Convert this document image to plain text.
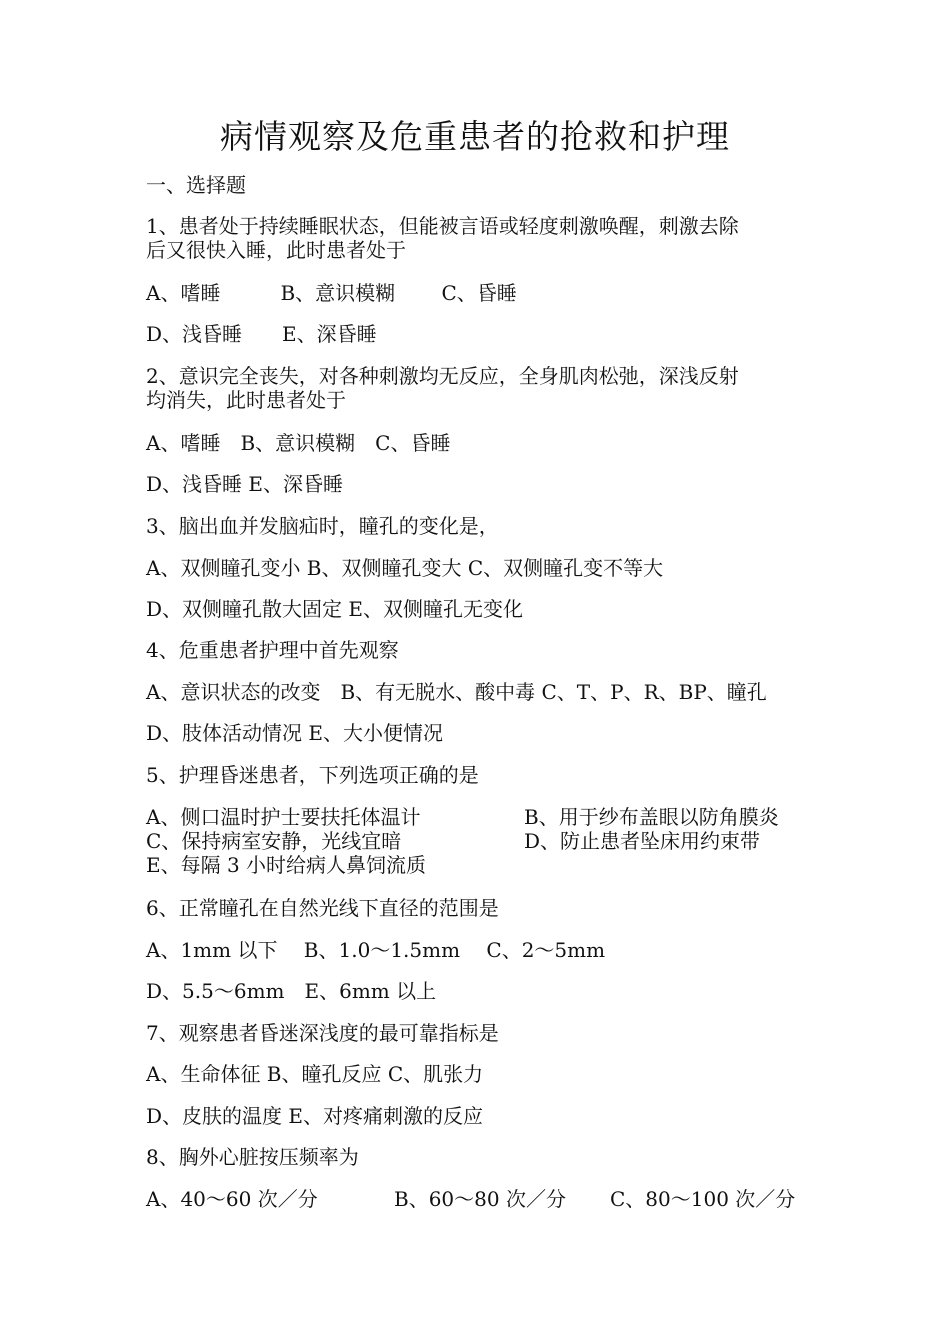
病情观察及危重患者的抢救和护理
一、选择题
1、患者处于持续睡眠状态，但能被言语或轻度刺激唤醒，刺激去除
后又很快入睡，此时患者处于
A、嗜睡　　　B、意识模糊　　 C、昏睡
D、浅昏睡　　E、深昏睡
2、意识完全丧失，对各种刺激均无反应，全身肌肉松弛，深浅反射
均消失，此时患者处于
A、嗜睡　B、意识模糊　C、昏睡
D、浅昏睡 E、深昏睡
3、脑出血并发脑疝时，瞳孔的变化是，
A、双侧瞳孔变小 B、双侧瞳孔变大 C、双侧瞳孔变不等大
D、双侧瞳孔散大固定 E、双侧瞳孔无变化
4、危重患者护理中首先观察
A、意识状态的改变　B、有无脱水、酸中毒 C、T、P、R、BP、瞳孔
D、肢体活动情况 E、大小便情况
5、护理昏迷患者，下列选项正确的是
A、侧口温时护士要扶托体温计	B、用于纱布盖眼以防角膜炎
C、保持病室安静，光线宜暗	D、防止患者坠床用约束带
E、每隔 3 小时给病人鼻饲流质
6、正常瞳孔在自然光线下直径的范围是
A、1mm 以下　 B、1.0～1.5mm　 C、2～5mm
D、5.5～6mm　E、6mm 以上
7、观察患者昏迷深浅度的最可靠指标是
A、生命体征 B、瞳孔反应 C、肌张力
D、皮肤的温度 E、对疼痛刺激的反应
8、胸外心脏按压频率为
A、40～60 次／分	B、60～80 次／分 C、80～100 次／分
